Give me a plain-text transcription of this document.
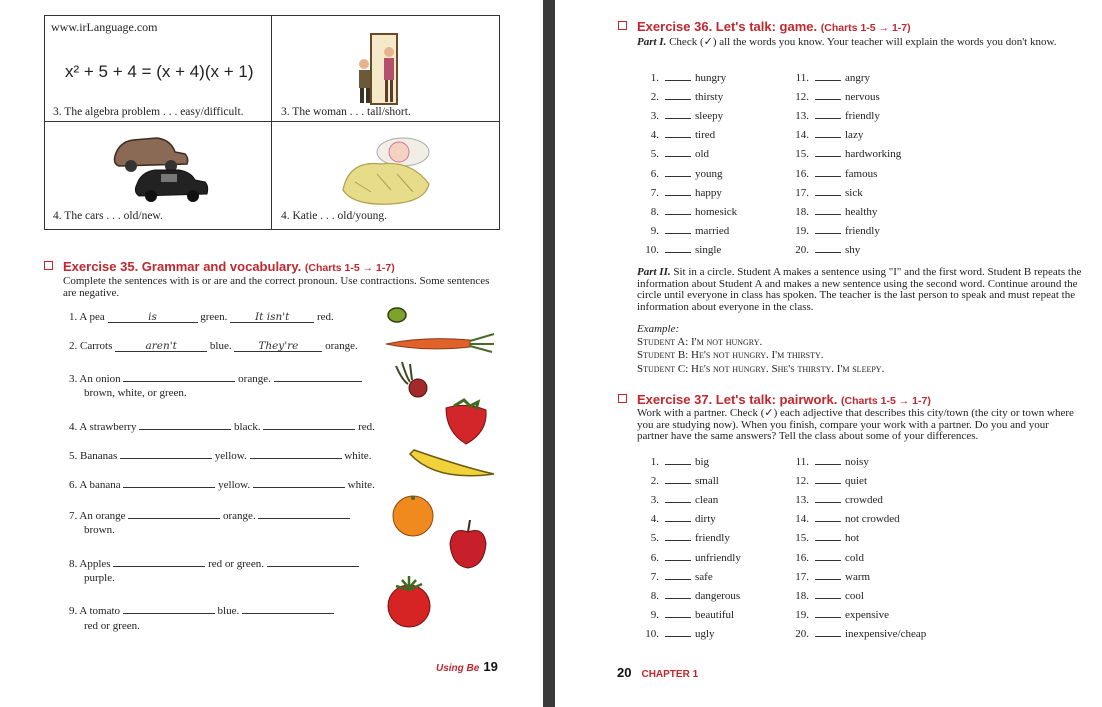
www.irLanguage.com
x² + 5 + 4 = (x + 4)(x + 1)
3. The algebra problem . . . easy/difficult.	3. The woman . . . tall/short.
4. The cars . . . old/new.	4. Katie . . . old/young.
Exercise 35. Grammar and vocabulary. (Charts 1-5 → 1-7)
Complete the sentences with is or are and the correct pronoun. Use contractions. Some sentences are negative.
1. A pea	is	green.	It isn't	red.
2. Carrots	aren't	blue.	They're orange.
3. An onion	orange.
brown, white, or green.
4. A strawberry	black.	red.
5. Bananas	yellow.	white.
6. A banana	yellow.	white.
7. An orange	orange.
brown.
8. Apples	red or green.
purple.
9. A tomato	blue.
red or green.
Using Be 19
Exercise 36. Let's talk: game. (Charts 1-5 → 1-7)
Part I. Check (✓) all the words you know. Your teacher will explain the words you don't know.
1.	hungry
2.	thirsty
3.	sleepy
4.	tired
5.	old
6.	young
7.	happy
8.	homesick
9.	married
10.	single
11.	angry
12.	nervous
13.	friendly
14.	lazy
15.	hardworking
16.	famous
17.	sick
18.	healthy
19.	friendly
20.	shy
Part II. Sit in a circle. Student A makes a sentence using "I" and the first word. Student B repeats the information about Student A and makes a new sentence using the second word. Continue around the circle until everyone in class has spoken. The teacher is the last person to speak and must repeat the information about everyone in the class.
Example:
Student A: I'm not hungry.
Student B: He's not hungry. I'm thirsty.
Student C: He's not hungry. She's thirsty. I'm sleepy.
Exercise 37. Let's talk: pairwork. (Charts 1-5 → 1-7)
Work with a partner. Check (✓) each adjective that describes this city/town (the city or town where you are studying now). When you finish, compare your work with a partner. Do you and your partner have the same answers? Tell the class about some of your differences.
1.	big
2.	small
3.	clean
4.	dirty
5.	friendly
6.	unfriendly
7.	safe
8.	dangerous
9.	beautiful
10.	ugly
11.	noisy
12.	quiet
13.	crowded
14.	not crowded
15.	hot
16.	cold
17.	warm
18.	cool
19.	expensive
20.	inexpensive/cheap
20 CHAPTER 1
